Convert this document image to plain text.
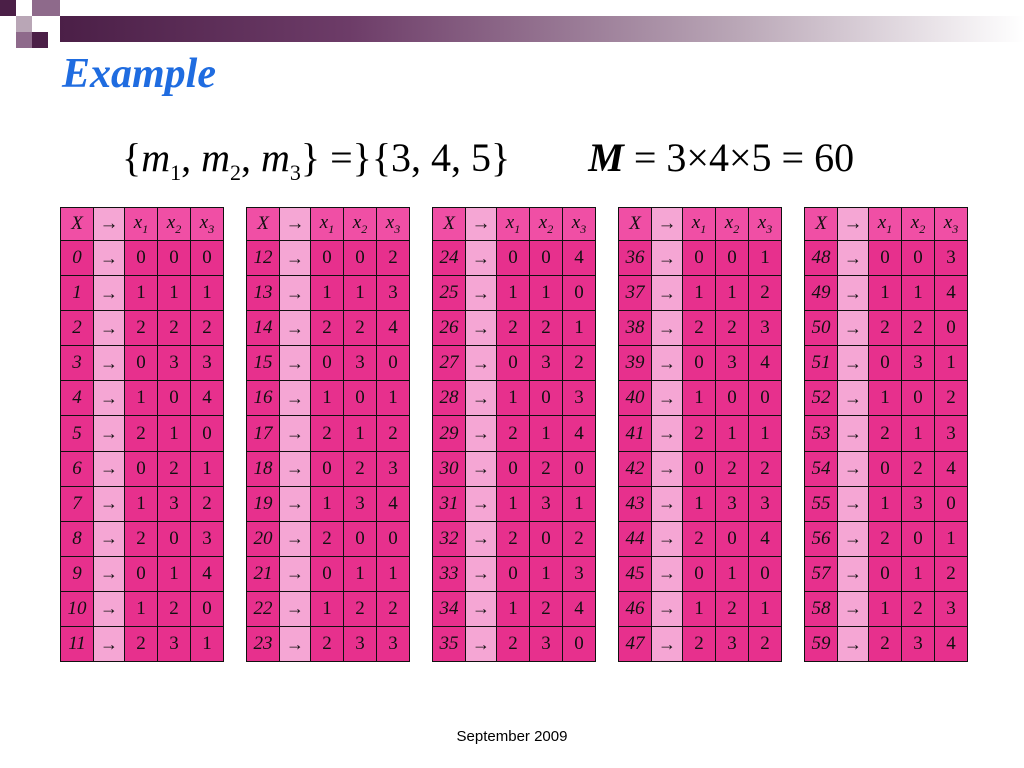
Example
{$m_1$, $m_2$, $m_3\} =\}\{3$, 4, 5} M = 3×4×5 = 60
X	→	$x_1$	$x_2$	$x_3$
0	→	0	0	0
1	→	1	1	1
2	→	2	2	2
3	→	0	3	3
4	→	1	0	4
5	→	2	1	0
6	→	0	2	1
7	→	1	3	2
8	→	2	0	3
9	→	0	1	4
10	→	1	2	0
11	→	2	3	1
X	→	$x_1$	$x_2$	$x_3$
12	→	0	0	2
13	→	1	1	3
14	→	2	2	4
15	→	0	3	0
16	→	1	0	1
17	→	2	1	2
18	→	0	2	3
19	→	1	3	4
20	→	2	0	0
21	→	0	1	1
22	→	1	2	2
23	→	2	3	3
X	→	$x_1$	$x_2$	$x_3$
24	→	0	0	4
25	→	1	1	0
26	→	2	2	1
27	→	0	3	2
28	→	1	0	3
29	→	2	1	4
30	→	0	2	0
31	→	1	3	1
32	→	2	0	2
33	→	0	1	3
34	→	1	2	4
35	→	2	3	0
X	→	$x_1$	$x_2$	$x_3$
36	→	0	0	1
37	→	1	1	2
38	→	2	2	3
39	→	0	3	4
40	→	1	0	0
41	→	2	1	1
42	→	0	2	2
43	→	1	3	3
44	→	2	0	4
45	→	0	1	0
46	→	1	2	1
47	→	2	3	2
X	→	$x_1$	$x_2$	$x_3$
48	→	0	0	3
49	→	1	1	4
50	→	2	2	0
51	→	0	3	1
52	→	1	0	2
53	→	2	1	3
54	→	0	2	4
55	→	1	3	0
56	→	2	0	1
57	→	0	1	2
58	→	1	2	3
59	→	2	3	4
September 2009
